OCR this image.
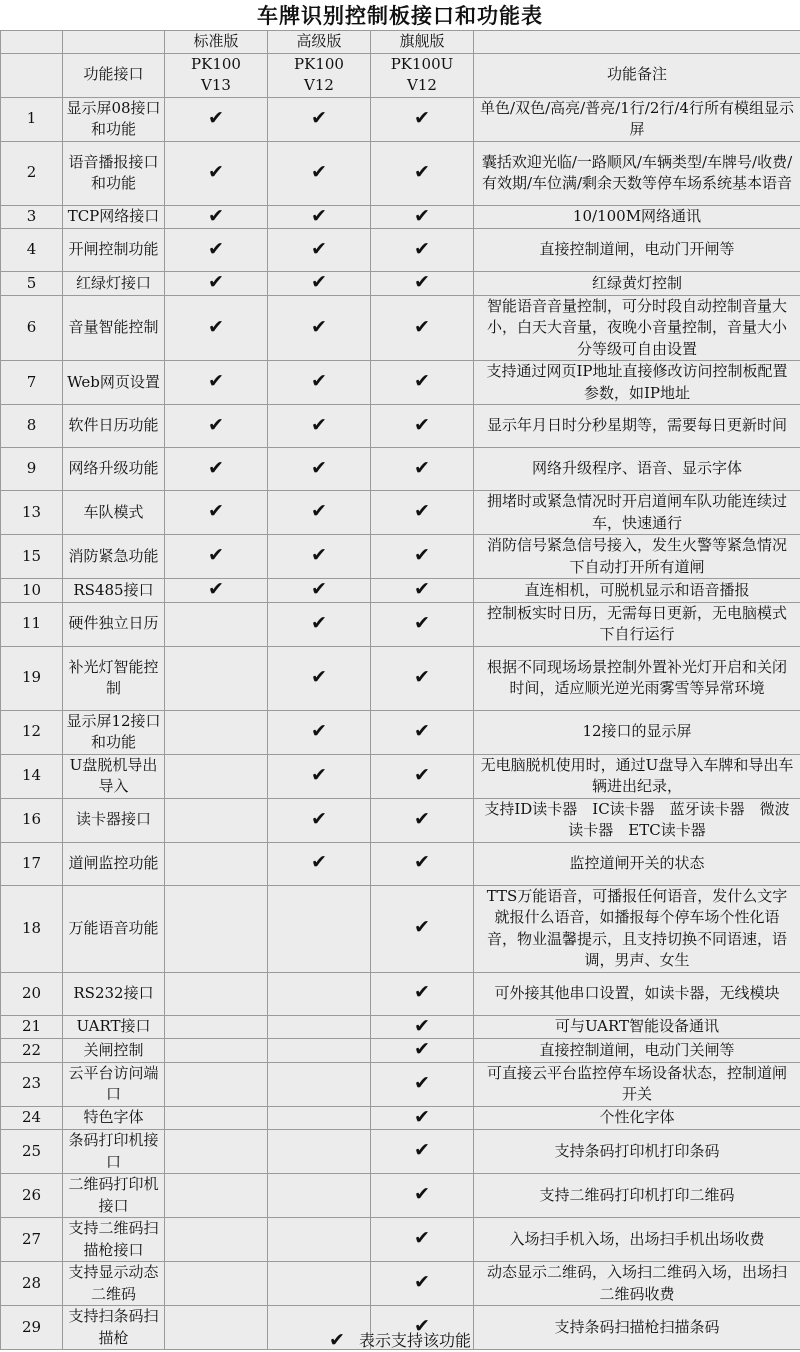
车牌识别控制板接口和功能表
		标准版	高级版	旗舰版	
	功能接口	PK100　V13	PK100　V12	PK100U　V12	功能备注
1	显示屏08接口和功能	✔	✔	✔	单色/双色/高亮/普亮/1行/2行/4行所有模组显示屏
2	语音播报接口和功能	✔	✔	✔	囊括欢迎光临/一路顺风/车辆类型/车牌号/收费/有效期/车位满/剩余天数等停车场系统基本语音
3	TCP网络接口	✔	✔	✔	10/100M网络通讯
4	开闸控制功能	✔	✔	✔	直接控制道闸，电动门开闸等
5	红绿灯接口	✔	✔	✔	红绿黄灯控制
6	音量智能控制	✔	✔	✔	智能语音音量控制，可分时段自动控制音量大小，白天大音量，夜晚小音量控制，音量大小分等级可自由设置
7	Web网页设置	✔	✔	✔	支持通过网页IP地址直接修改访问控制板配置参数，如IP地址
8	软件日历功能	✔	✔	✔	显示年月日时分秒星期等，需要每日更新时间
9	网络升级功能	✔	✔	✔	网络升级程序、语音、显示字体
13	车队模式	✔	✔	✔	拥堵时或紧急情况时开启道闸车队功能连续过车，快速通行
15	消防紧急功能	✔	✔	✔	消防信号紧急信号接入，发生火警等紧急情况下自动打开所有道闸
10	RS485接口	✔	✔	✔	直连相机，可脱机显示和语音播报
11	硬件独立日历		✔	✔	控制板实时日历，无需每日更新，无电脑模式下自行运行
19	补光灯智能控制		✔	✔	根据不同现场场景控制外置补光灯开启和关闭时间，适应顺光逆光雨雾雪等异常环境
12	显示屏12接口和功能		✔	✔	12接口的显示屏
14	U盘脱机导出导入		✔	✔	无电脑脱机使用时，通过U盘导入车牌和导出车辆进出纪录，
16	读卡器接口		✔	✔	支持ID读卡器　IC读卡器　蓝牙读卡器　微波读卡器　ETC读卡器
17	道闸监控功能		✔	✔	监控道闸开关的状态
18	万能语音功能			✔	TTS万能语音，可播报任何语音，发什么文字就报什么语音，如播报每个停车场个性化语音，物业温馨提示，且支持切换不同语速，语调，男声、女生
20	RS232接口			✔	可外接其他串口设置，如读卡器，无线模块
21	UART接口			✔	可与UART智能设备通讯
22	关闸控制			✔	直接控制道闸，电动门关闸等
23	云平台访问端口			✔	可直接云平台监控停车场设备状态，控制道闸开关
24	特色字体			✔	个性化字体
25	条码打印机接口			✔	支持条码打印机打印条码
26	二维码打印机接口			✔	支持二维码打印机打印二维码
27	支持二维码扫描枪接口			✔	入场扫手机入场，出场扫手机出场收费
28	支持显示动态二维码			✔	动态显示二维码，入场扫二维码入场，出场扫二维码收费
29	支持扫条码扫描枪			✔	支持条码扫描枪扫描条码
✔ 表示支持该功能
